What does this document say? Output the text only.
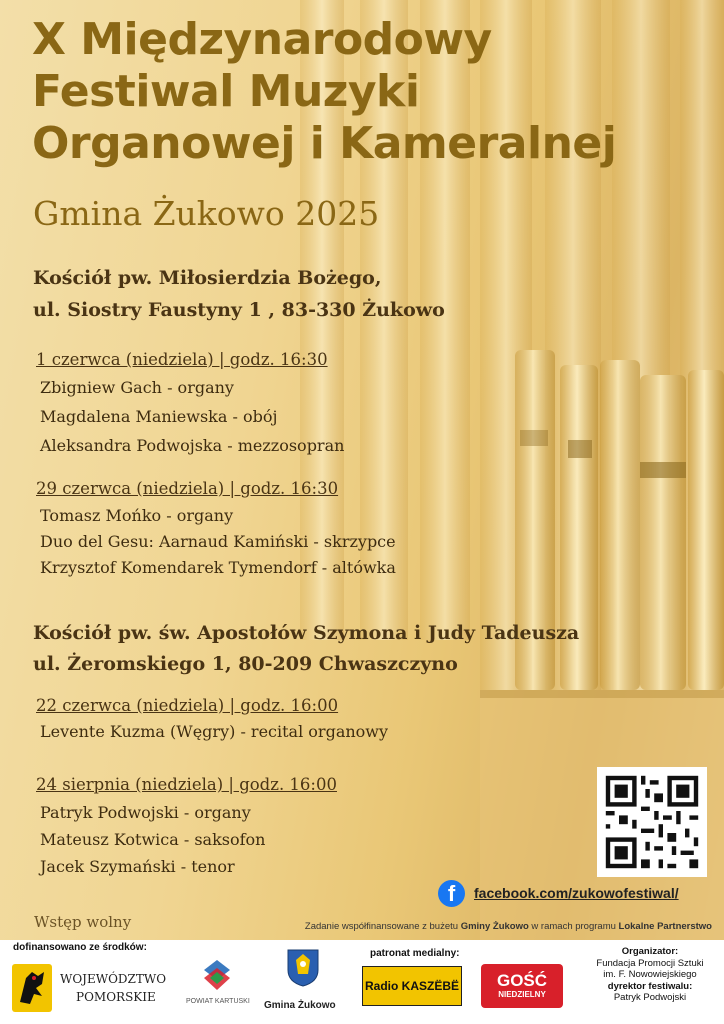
X Międzynarodowy
Festiwal Muzyki
Organowej i Kameralnej
Gmina Żukowo 2025
Kościół pw. Miłosierdzia Bożego,
ul. Siostry Faustyny 1 , 83-330 Żukowo
1 czerwca (niedziela) | godz. 16:30
Zbigniew Gach - organy
Magdalena Maniewska - obój
Aleksandra Podwojska - mezzosopran
29 czerwca (niedziela) | godz. 16:30
Tomasz Mońko - organy
Duo del Gesu: Aarnaud Kamiński - skrzypce
Krzysztof Komendarek Tymendorf - altówka
Kościół pw. św. Apostołów Szymona i Judy Tadeusza
ul. Żeromskiego 1, 80-209 Chwaszczyno
22 czerwca (niedziela) | godz. 16:00
Levente Kuzma (Węgry) - recital organowy
24 sierpnia (niedziela) | godz. 16:00
Patryk Podwojski - organy
Mateusz Kotwica - saksofon
Jacek Szymański - tenor
f	facebook.com/zukowofestiwal/
Wstęp wolny	Zadanie współfinansowane z bużetu Gminy Żukowo w ramach programu Lokalne Partnerstwo
dofinansowano ze środków:
WOJEWÓDZTWO
POMORSKIE	POWIAT KARTUSKI Gmina Żukowo
patronat medialny:
Radio KASZËBË GOŚĆ
NIEDZIELNY
Organizator:
Fundacja Promocji Sztuki
im. F. Nowowiejskiego
dyrektor festiwalu:
Patryk Podwojski
